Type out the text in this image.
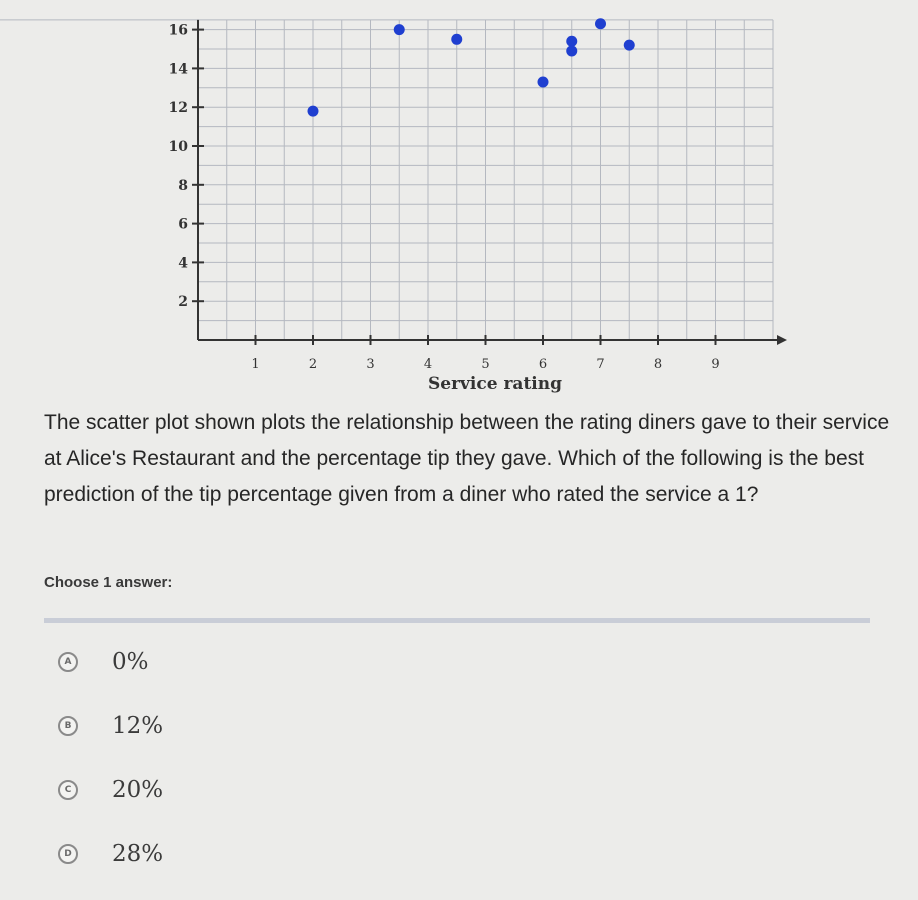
1	2	3	4	5	6	7	8	9
2
4
6
8
10
12
14
16
Service rating
The scatter plot shown plots the relationship between the rating diners gave to their service at Alice's Restaurant and the percentage tip they gave. Which of the following is the best prediction of the tip percentage given from a diner who rated the service a 1?
Choose 1 answer:
A 0%
B 12%
C 20%
D 28%
